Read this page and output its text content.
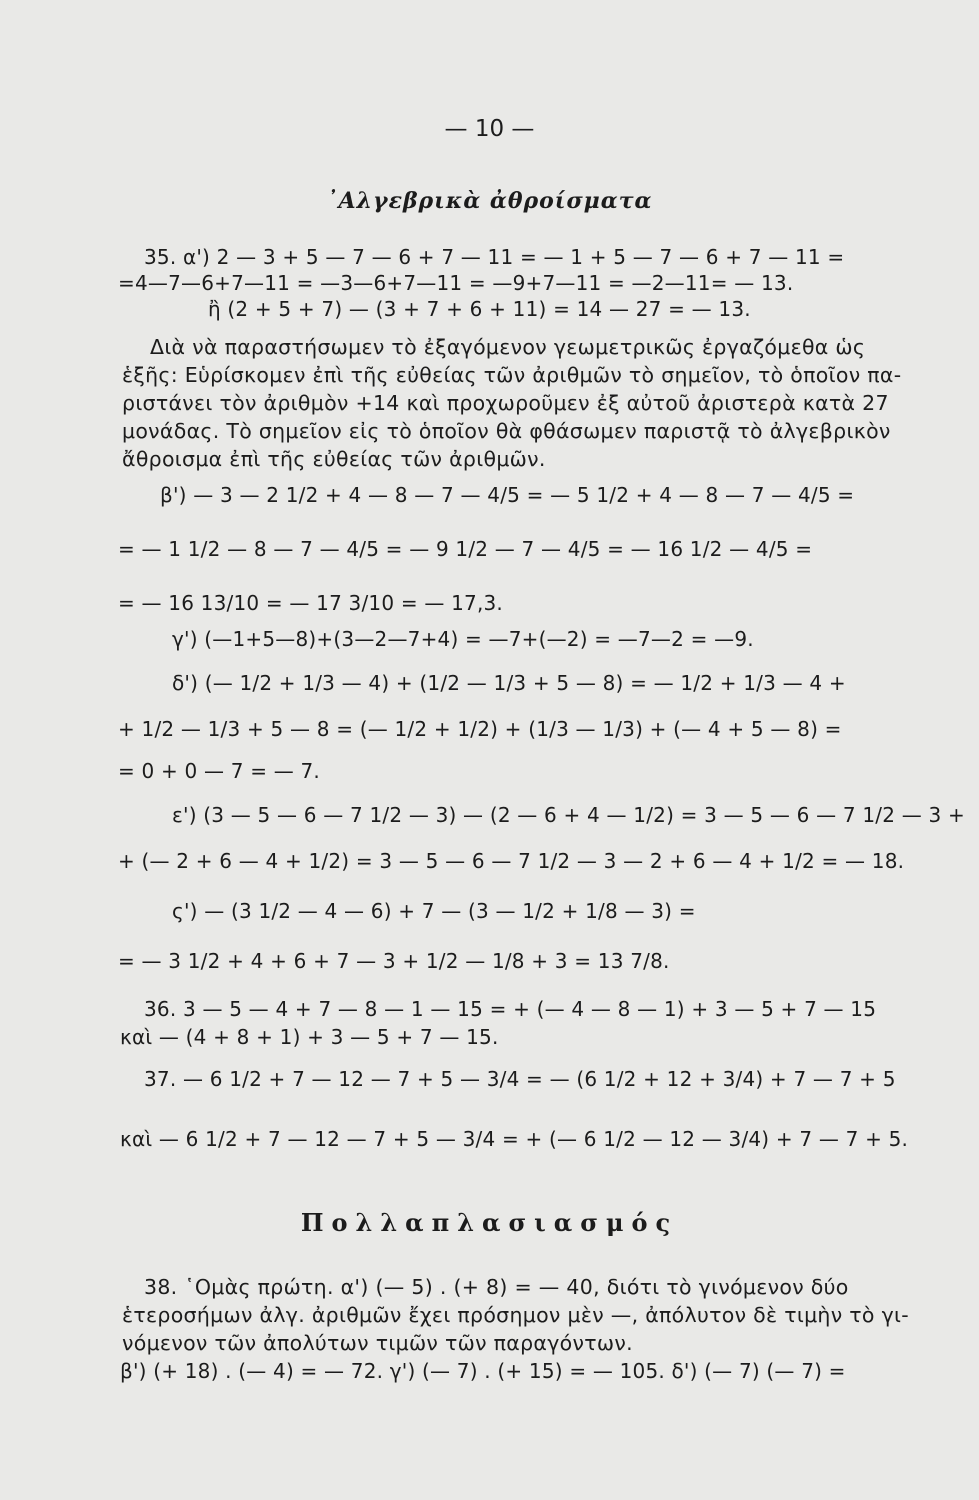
— 10 —
᾿Αλγεβρικὰ ἀθροίσματα
35. α') 2 — 3 + 5 — 7 — 6 + 7 — 11 = — 1 + 5 — 7 — 6 + 7 — 11 =
=4—7—6+7—11 = —3—6+7—11 = —9+7—11 = —2—11= — 13.
ἢ (2 + 5 + 7) — (3 + 7 + 6 + 11) = 14 — 27 = — 13.
Διὰ νὰ παραστήσωμεν τὸ ἐξαγόμενον γεωμετρικῶς ἐργαζόμεθα ὡς
ἑξῆς: Εὑρίσκομεν ἐπὶ τῆς εὐθείας τῶν ἀριθμῶν τὸ σημεῖον, τὸ ὁποῖον πα-
ριστάνει τὸν ἀριθμὸν +14 καὶ προχωροῦμεν ἐξ αὐτοῦ ἀριστερὰ κατὰ 27
μονάδας. Τὸ σημεῖον εἰς τὸ ὁποῖον θὰ φθάσωμεν παριστᾷ τὸ ἀλγεβρικὸν
ἄθροισμα ἐπὶ τῆς εὐθείας τῶν ἀριθμῶν.
β') — 3 — 2 1/2 + 4 — 8 — 7 — 4/5 = — 5 1/2 + 4 — 8 — 7 — 4/5 =
= — 1 1/2 — 8 — 7 — 4/5 = — 9 1/2 — 7 — 4/5 = — 16 1/2 — 4/5 =
= — 16 13/10 = — 17 3/10 = — 17,3.
γ') (—1+5—8)+(3—2—7+4) = —7+(—2) = —7—2 = —9.
δ') (— 1/2 + 1/3 — 4) + (1/2 — 1/3 + 5 — 8) = — 1/2 + 1/3 — 4 +
+ 1/2 — 1/3 + 5 — 8 = (— 1/2 + 1/2) + (1/3 — 1/3) + (— 4 + 5 — 8) =
= 0 + 0 — 7 = — 7.
ε') (3 — 5 — 6 — 7 1/2 — 3) — (2 — 6 + 4 — 1/2) = 3 — 5 — 6 — 7 1/2 — 3 +
+ (— 2 + 6 — 4 + 1/2) = 3 — 5 — 6 — 7 1/2 — 3 — 2 + 6 — 4 + 1/2 = — 18.
ς') — (3 1/2 — 4 — 6) + 7 — (3 — 1/2 + 1/8 — 3) =
= — 3 1/2 + 4 + 6 + 7 — 3 + 1/2 — 1/8 + 3 = 13 7/8.
36. 3 — 5 — 4 + 7 — 8 — 1 — 15 = + (— 4 — 8 — 1) + 3 — 5 + 7 — 15
καὶ — (4 + 8 + 1) + 3 — 5 + 7 — 15.
37. — 6 1/2 + 7 — 12 — 7 + 5 — 3/4 = — (6 1/2 + 12 + 3/4) + 7 — 7 + 5
καὶ — 6 1/2 + 7 — 12 — 7 + 5 — 3/4 = + (— 6 1/2 — 12 — 3/4) + 7 — 7 + 5.
38. ῾Ομὰς πρώτη. α') (— 5) . (+ 8) = — 40, διότι τὸ γινόμενον δύο
ἑτεροσήμων ἀλγ. ἀριθμῶν ἔχει πρόσημον μὲν —, ἀπόλυτον δὲ τιμὴν τὸ γι-
νόμενον τῶν ἀπολύτων τιμῶν τῶν παραγόντων.
β') (+ 18) . (— 4) = — 72. γ') (— 7) . (+ 15) = — 105. δ') (— 7) (— 7) =
Πολλαπλασιασμός
